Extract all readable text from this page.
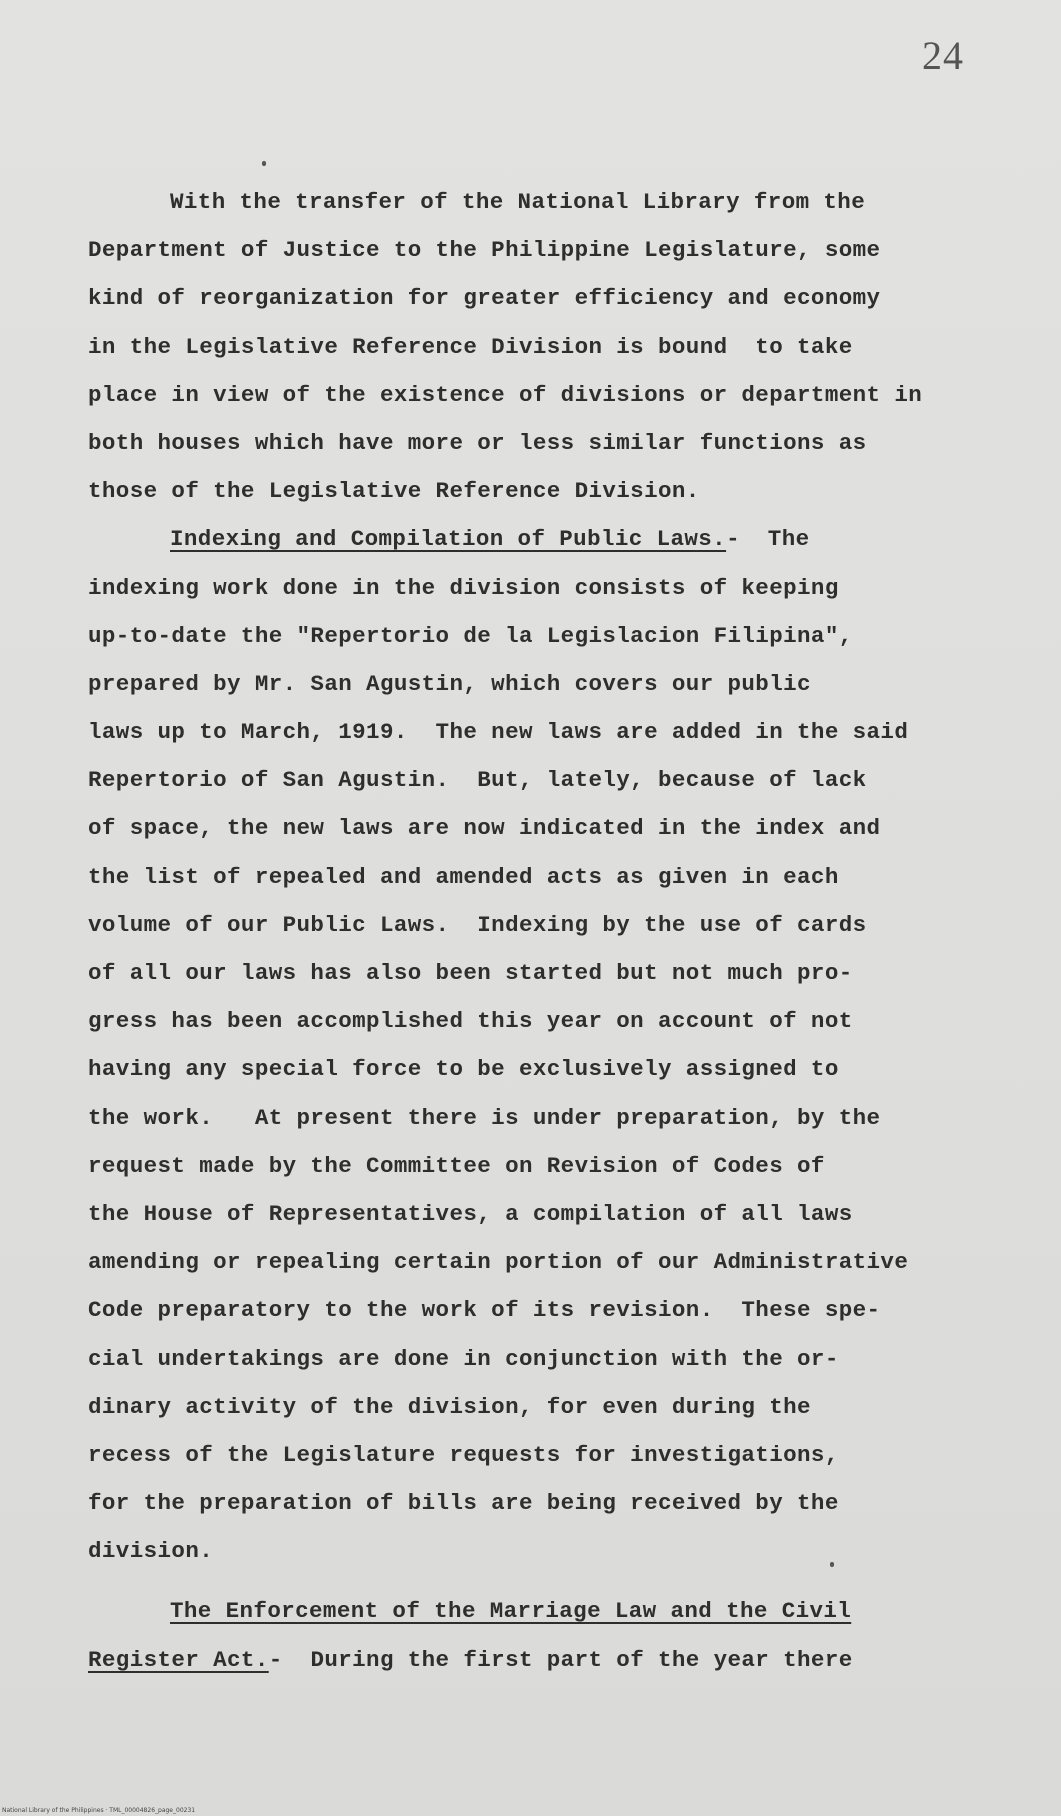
24
With the transfer of the National Library from the
Department of Justice to the Philippine Legislature, some
kind of reorganization for greater efficiency and economy
in the Legislative Reference Division is bound  to take
place in view of the existence of divisions or department in
both houses which have more or less similar functions as
those of the Legislative Reference Division.
Indexing and Compilation of Public Laws.-  The
indexing work done in the division consists of keeping
up-to-date the "Repertorio de la Legislacion Filipina",
prepared by Mr. San Agustin, which covers our public
laws up to March, 1919.  The new laws are added in the said
Repertorio of San Agustin.  But, lately, because of lack
of space, the new laws are now indicated in the index and
the list of repealed and amended acts as given in each
volume of our Public Laws.  Indexing by the use of cards
of all our laws has also been started but not much pro-
gress has been accomplished this year on account of not
having any special force to be exclusively assigned to
the work.   At present there is under preparation, by the
request made by the Committee on Revision of Codes of
the House of Representatives, a compilation of all laws
amending or repealing certain portion of our Administrative
Code preparatory to the work of its revision.  These spe-
cial undertakings are done in conjunction with the or-
dinary activity of the division, for even during the
recess of the Legislature requests for investigations,
for the preparation of bills are being received by the
division.
The Enforcement of the Marriage Law and the Civil
Register Act.-  During the first part of the year there
National Library of the Philippines · TML_00004826_page_00231
